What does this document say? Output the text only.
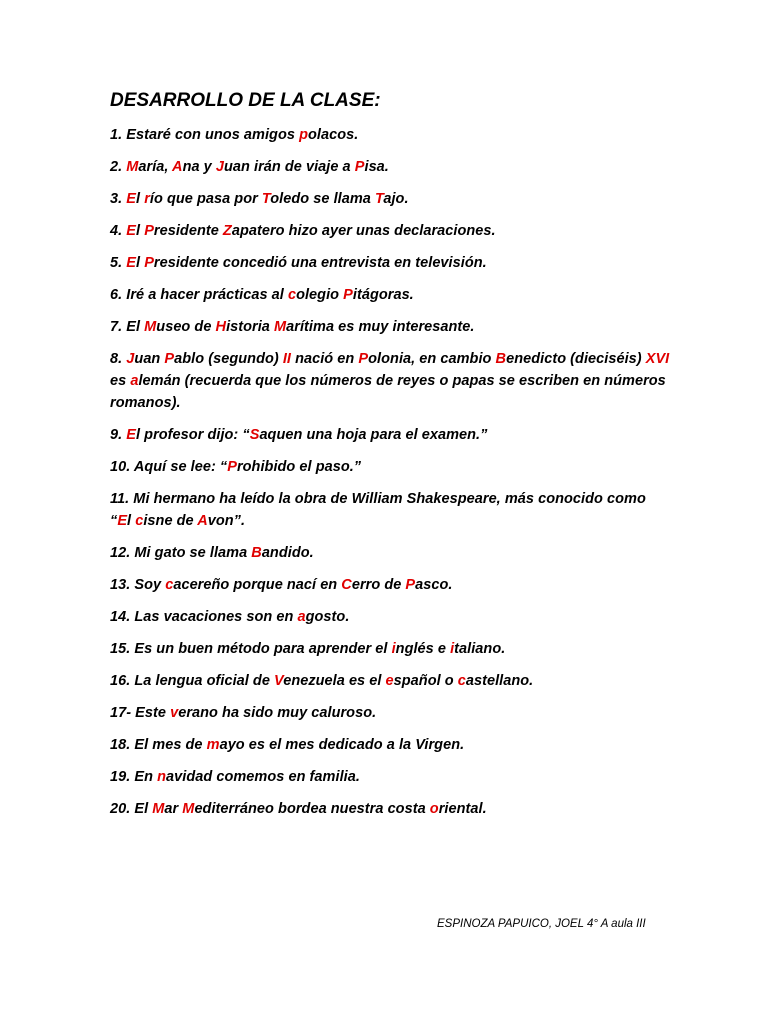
DESARROLLO DE LA CLASE:
1. Estaré con unos amigos polacos.
2. María, Ana y Juan irán de viaje a Pisa.
3. El río que pasa por Toledo se llama Tajo.
4. El Presidente Zapatero hizo ayer unas declaraciones.
5. El Presidente concedió una entrevista en televisión.
6. Iré a hacer prácticas al colegio Pitágoras.
7. El Museo de Historia Marítima es muy interesante.
8. Juan Pablo (segundo) II nació en Polonia, en cambio Benedicto (dieciséis) XVI es alemán (recuerda que los números de reyes o papas se escriben en números romanos).
9. El profesor dijo: “Saquen una hoja para el examen.”
10. Aquí se lee: “Prohibido el paso.”
11. Mi hermano ha leído la obra de William Shakespeare, más conocido como “El cisne de Avon”.
12. Mi gato se llama Bandido.
13. Soy cacereño porque nací en Cerro de Pasco.
14. Las vacaciones son en agosto.
15. Es un buen método para aprender el inglés e italiano.
16. La lengua oficial de Venezuela es el español o castellano.
17- Este verano ha sido muy caluroso.
18. El mes de mayo es el mes dedicado a la Virgen.
19. En navidad comemos en familia.
20. El Mar Mediterráneo bordea nuestra costa oriental.
ESPINOZA PAPUICO, JOEL 4° A aula III
